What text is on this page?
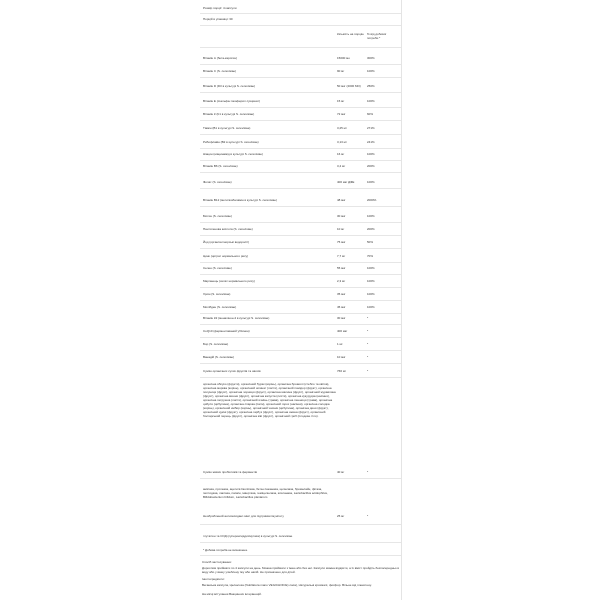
Розмір порції: 4 капсули
Порцій в упаковці: 30
Кількість на порцію	% від добової потреби *
Вітамін А (бета-каротин)	15000 мо	300%
Вітамін С (S. cerevisiae)	90 мг	100%
Вітамін D (D3 в культурі S. cerevisiae)	50 мкг (2000 МО) 250%
Вітамін Е (d-альфа-токоферил сукцинат)	15 мг	100%
Вітамін К (К1 в культурі S. cerevisiae)	72 мкг	60%
Тіамін (B1 в культурі S. cerevisiae)	3,25 мг	271%
Рибофлавін (B2 в культурі S. cerevisiae)	3,13 мг	241%
Ніацин (ніацинамід в культурі S. cerevisiae)	16 мг	100%
Вітамін B6 (S. cerevisiae)	3,4 мг	200%
Фолат (S. cerevisiae)	400 мкг ДФЕ	100%
Вітамін B12 (метилкобаламін в культурі S. cerevisiae)	48 мкг	2000%
Біотин (S. cerevisiae)	30 мкг	100%
Пантотенова кислота (S. cerevisiae)	10 мг	200%
Йод (органічні морські водорості)	75 мкг	50%
Цинк (цитрат нормального рису)	7,7 мг	70%
Селен (S. cerevisiae)	55 мкг	100%
Марганець (хелат нормального рису)	2,3 мг	100%
Хром (S. cerevisiae)	35 мкг	100%
Молібден (S. cerevisiae)	45 мкг	100%
Вітамін К2 (менахінон-4 в культурі S. cerevisiae)	30 мкг	*
CoQ10 (ферментований убіхінон)	400 мкг	*
Бор (S. cerevisiae)	1 мг	*
Ванадій (S. cerevisiae)	10 мкг	*
Суміш органічних сухих фруктів та овочів	766 мг	*
органічна яблуко (фрукти), органічний буряк (корінь), органічна брокколі (стебло та квітка), органічна морква (корінь), органічний шпинат (листя), органічний помідор (фрукт), органічна полуниця (фрукт), органічна чорниця (фрукт), органічна малина (фрукт), органічний журавлина (фрукт), органічна вишня (фрукт), органічна капуста (листя), органічна кукурудза (насіння), органічна петрушка (листя), органічний ячмінь (трава), органічна пшениця (трава), органічна цибуля (цибулина), органічна спаржа (пагін), органічний горох (насіння), органічна солодка (корінь), органічний имбир (корінь), органічний часник (цибулина), органічна диня (фрукт), органічний цукіні (фрукт), органічна гарбуз (фрукт), органічна ожина (фрукт), органічний болгарський перець (фрукт), органічна ківі (фрукт), органічний гриб (плодове тіло).
Суміш живих пробіотиків та ферментів	40 мг	*
амілаза, протеаза, ацетилгліколіпаза, бета-глюканаза, целюлаза, бромелайн, фітаза, пептидаза, лактаза, папаїн, інвертаза, геміцелюлаза, ксиланаза, Lactobacillus acidophilus, Bifidobacterium bifidum, Lactobacillus plantarum
Необроблений антиоксидант-мікс для підтримки імунітету	25 мг	*
глутатіон та СОД (супероксиддисмутаза) в культурі S. cerevisiae
* Добова потреба не визначена.
Спосіб застосування:
Дорослим приймати по 4 капсули на день. Можна приймати з їжею або без неї. Капсули можна відкрити, а їх вміст пройдіть безпосередньо в воду або у вашу улюблену їжу або напій. Не призначено для дітей.
Інші інгредієнти:
Веганська капсула, Целюлоза (Nutrilatura mano VEGICHOICE) ласа), Натуральні крохмалі, фосфор. Вільне від глюкотену.
На місці вступання Вакцинних інтервенцій.
